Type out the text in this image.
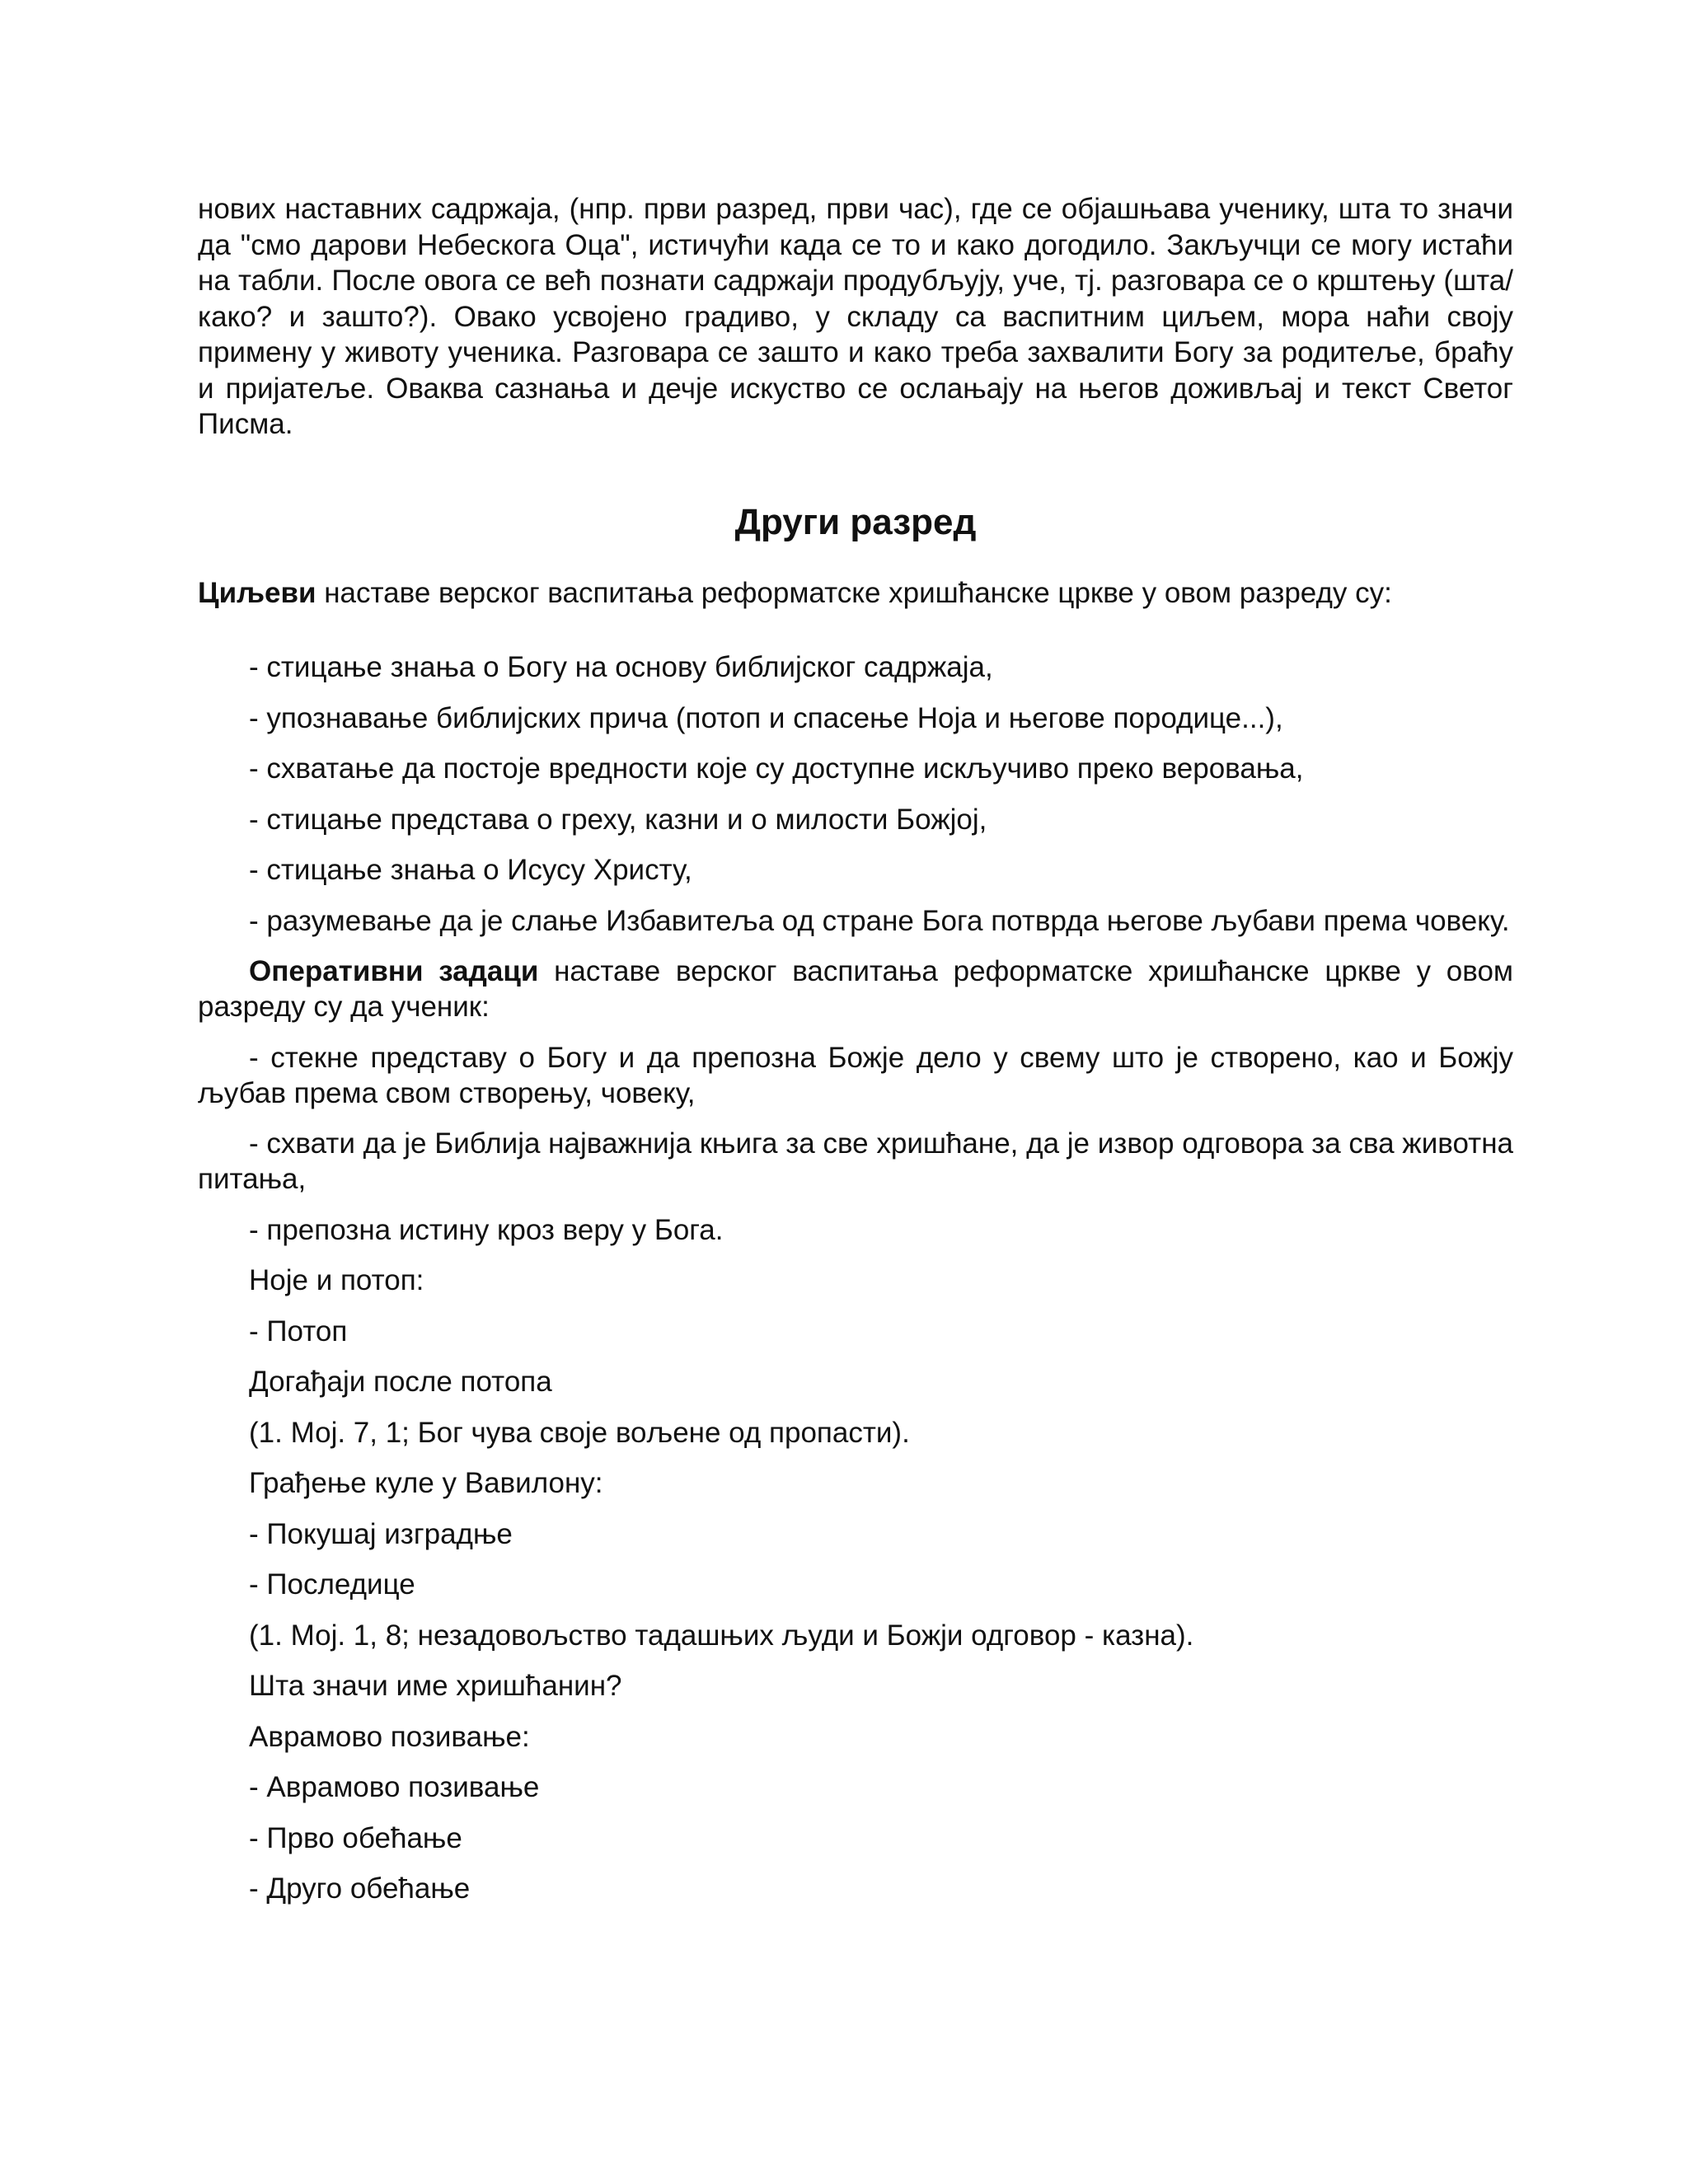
нових наставних садржаја, (нпр. први разред, први час), где се објашњава ученику, шта то значи да "смо дарови Небескога Оца", истичући када се то и како догодило. Закључци се могу истаћи на табли. После овога се већ познати садржаји продубљују, уче, тј. разговара се о крштењу (шта/ како? и зашто?). Овако усвојено градиво, у складу са васпитним циљем, мора наћи своју примену у животу ученика. Разговара се зашто и како треба захвалити Богу за родитеље, браћу и пријатеље. Оваква сазнања и дечје искуство се ослањају на његов доживљај и текст Светог Писма.

Други разред

Циљеви наставе верског васпитања реформатске хришћанске цркве у овом разреду су:

- стицање знања о Богу на основу библијског садржаја,
- упознавање библијских прича (потоп и спасење Ноја и његове породице...),
- схватање да постоје вредности које су доступне искључиво преко веровања,
- стицање представа о греху, казни и о милости Божјој,
- стицање знања о Исусу Христу,
- разумевање да је слање Избавитеља од стране Бога потврда његове љубави према човеку.
Оперативни задаци наставе верског васпитања реформатске хришћанске цркве у овом разреду су да ученик:
- стекне представу о Богу и да препозна Божје дело у свему што је створено, као и Божју љубав према свом створењу, човеку,
- схвати да је Библија најважнија књига за све хришћане, да је извор одговора за сва животна питања,
- препозна истину кроз веру у Бога.
Ноје и потоп:
- Потоп
Догађаји после потопа
(1. Мој. 7, 1; Бог чува своје вољене од пропасти).
Грађење куле у Вавилону:
- Покушај изградње
- Последице
(1. Мој. 1, 8; незадовољство тадашњих људи и Божји одговор - казна).
Шта значи име хришћанин?
Аврамово позивање:
- Аврамово позивање
- Прво обећање
- Друго обећање
